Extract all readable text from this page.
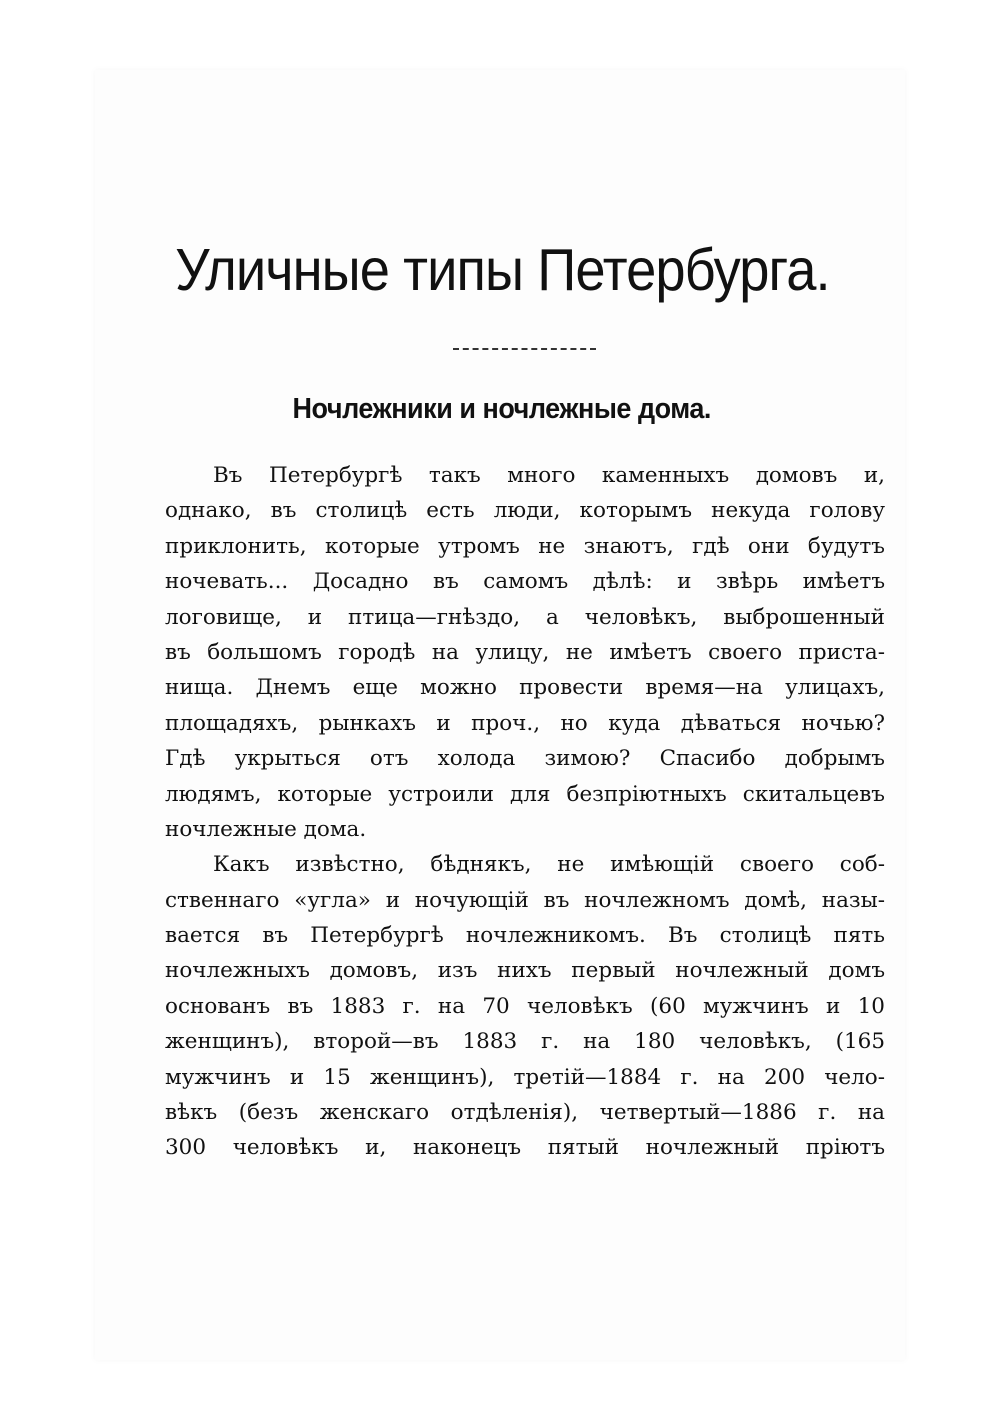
Уличные типы Петербурга.
Ночлежники и ночлежные дома.
Въ Петербургѣ такъ много каменныхъ домовъ и,
однако, въ столицѣ есть люди, которымъ некуда голову
приклонить, которые утромъ не знаютъ, гдѣ они будутъ
ночевать... Досадно въ самомъ дѣлѣ: и звѣрь имѣетъ
логовище, и птица—гнѣздо, а человѣкъ, выброшенный
въ большомъ городѣ на улицу, не имѣетъ своего приста-
нища. Днемъ еще можно провести время—на улицахъ,
площадяхъ, рынкахъ и проч., но куда дѣваться ночью?
Гдѣ укрыться отъ холода зимою? Спасибо добрымъ
людямъ, которые устроили для безпріютныхъ скитальцевъ
ночлежные дома.
Какъ извѣстно, бѣднякъ, не имѣющій своего соб-
ственнаго «угла» и ночующій въ ночлежномъ домѣ, назы-
вается въ Петербургѣ ночлежникомъ. Въ столицѣ пять
ночлежныхъ домовъ, изъ нихъ первый ночлежный домъ
основанъ въ 1883 г. на 70 человѣкъ (60 мужчинъ и 10
женщинъ), второй—въ 1883 г. на 180 человѣкъ, (165
мужчинъ и 15 женщинъ), третій—1884 г. на 200 чело-
вѣкъ (безъ женскаго отдѣленія), четвертый—1886 г. на
300 человѣкъ и, наконецъ пятый ночлежный пріютъ
